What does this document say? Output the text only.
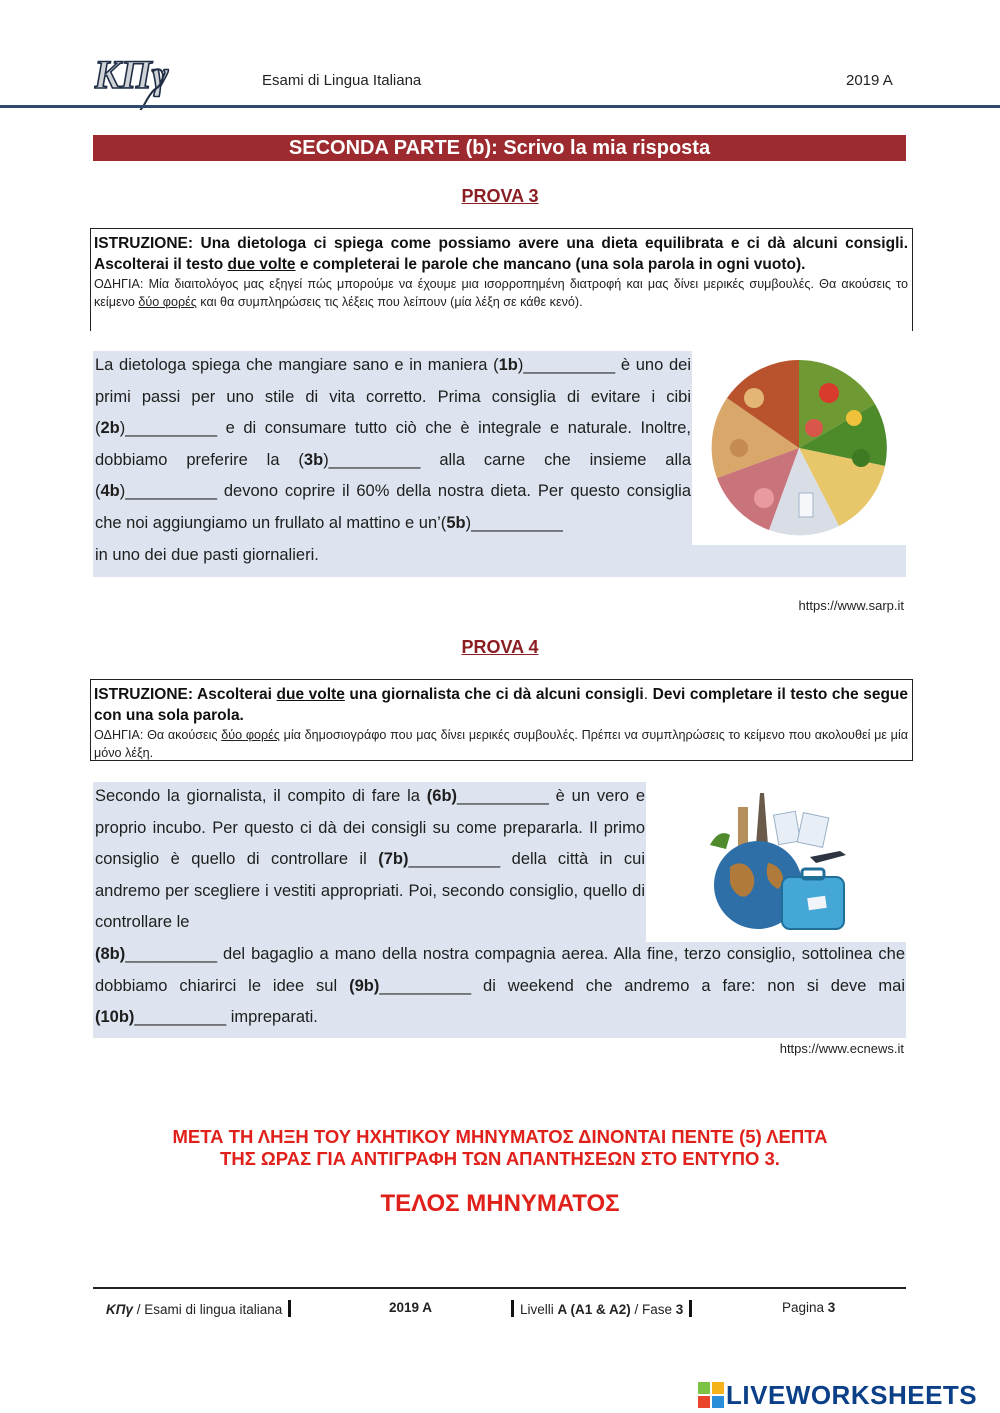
ΚΠγ	Esami di Lingua Italiana	2019 A
SECONDA PARTE (b): Scrivo la mia risposta
PROVA 3
ISTRUZIONE: Una dietologa ci spiega come possiamo avere una dieta equilibrata e ci dà alcuni consigli. Ascolterai il testo due volte e completerai le parole che mancano (una sola parola in ogni vuoto).
ΟΔΗΓΙΑ: Μία διαιτολόγος μας εξηγεί πώς μπορούμε να έχουμε μια ισορροπημένη διατροφή και μας δίνει μερικές συμβουλές. Θα ακούσεις το κείμενο δύο φορές και θα συμπληρώσεις τις λέξεις που λείπουν (μία λέξη σε κάθε κενό).
La dietologa spiega che mangiare sano e in maniera (1b)__________ è uno dei primi passi per uno stile di vita corretto. Prima consiglia di evitare i cibi (2b)__________ e di consumare tutto ciò che è integrale e naturale. Inoltre, dobbiamo preferire la (3b)__________ alla carne che insieme alla (4b)__________ devono coprire il 60% della nostra dieta. Per questo consiglia che noi aggiungiamo un frullato al mattino e un’(5b)__________
in uno dei due pasti giornalieri.
https://www.sarp.it
PROVA 4
ISTRUZIONE: Ascolterai due volte una giornalista che ci dà alcuni consigli. Devi completare il testo che segue con una sola parola.
ΟΔΗΓΙΑ: Θα ακούσεις δύο φορές μία δημοσιογράφο που μας δίνει μερικές συμβουλές. Πρέπει να συμπληρώσεις το κείμενο που ακολουθεί με μία μόνο λέξη.
Secondo la giornalista, il compito di fare la (6b)__________ è un vero e proprio incubo. Per questo ci dà dei consigli su come prepararla. Il primo consiglio è quello di controllare il (7b)__________ della città in cui andremo per scegliere i vestiti appropriati. Poi, secondo consiglio, quello di controllare le
(8b)__________ del bagaglio a mano della nostra compagnia aerea. Alla fine, terzo consiglio, sottolinea che dobbiamo chiarirci le idee sul (9b)__________ di weekend che andremo a fare: non si deve mai (10b)__________ impreparati.
https://www.ecnews.it
ΜΕΤΑ ΤΗ ΛΗΞΗ ΤΟΥ ΗΧΗΤΙΚΟΥ ΜΗΝΥΜΑΤΟΣ ΔΙΝΟΝΤΑΙ ΠΕΝΤΕ (5) ΛΕΠΤΑ
ΤΗΣ ΩΡΑΣ ΓΙΑ ΑΝΤΙΓΡΑΦΗ ΤΩΝ ΑΠΑΝΤΗΣΕΩΝ ΣΤΟ ΕΝΤΥΠΟ 3.
ΤΕΛΟΣ ΜΗΝΥΜΑΤΟΣ
ΚΠγ / Esami di lingua italiana	2019 A	Livelli A (A1 & A2) / Fase 3	Pagina 3
LIVEWORKSHEETS
